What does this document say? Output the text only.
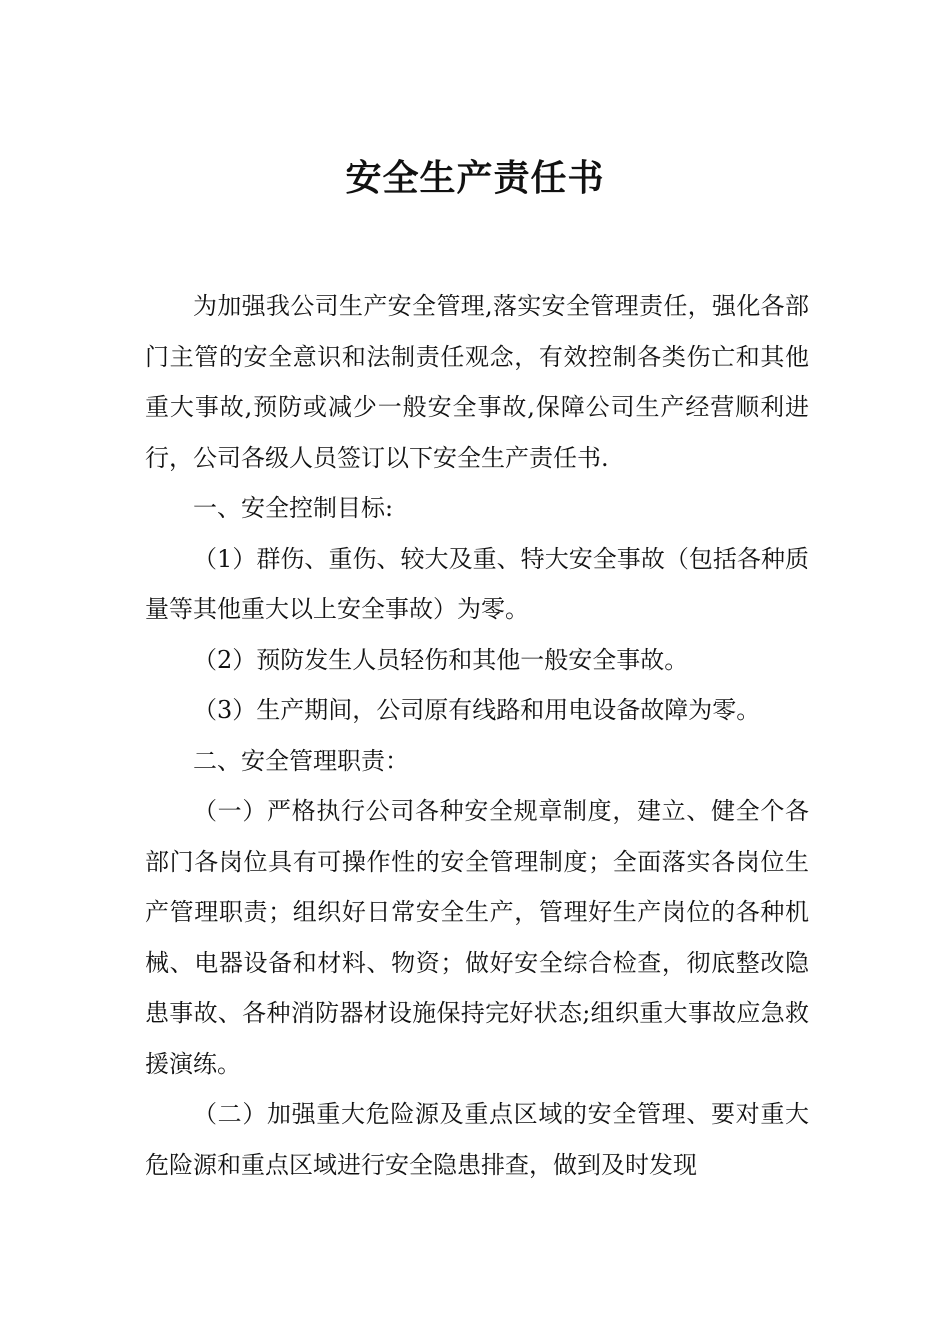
安全生产责任书

为加强我公司生产安全管理,落实安全管理责任，强化各部门主管的安全意识和法制责任观念，有效控制各类伤亡和其他重大事故,预防或减少一般安全事故,保障公司生产经营顺利进行，公司各级人员签订以下安全生产责任书.

一、安全控制目标:

（1）群伤、重伤、较大及重、特大安全事故（包括各种质量等其他重大以上安全事故）为零。

（2）预防发生人员轻伤和其他一般安全事故。

（3）生产期间，公司原有线路和用电设备故障为零。

二、安全管理职责：

（一）严格执行公司各种安全规章制度，建立、健全个各部门各岗位具有可操作性的安全管理制度；全面落实各岗位生产管理职责；组织好日常安全生产，管理好生产岗位的各种机械、电器设备和材料、物资；做好安全综合检查，彻底整改隐患事故、各种消防器材设施保持完好状态;组织重大事故应急救援演练。

（二）加强重大危险源及重点区域的安全管理、要对重大危险源和重点区域进行安全隐患排查，做到及时发现
